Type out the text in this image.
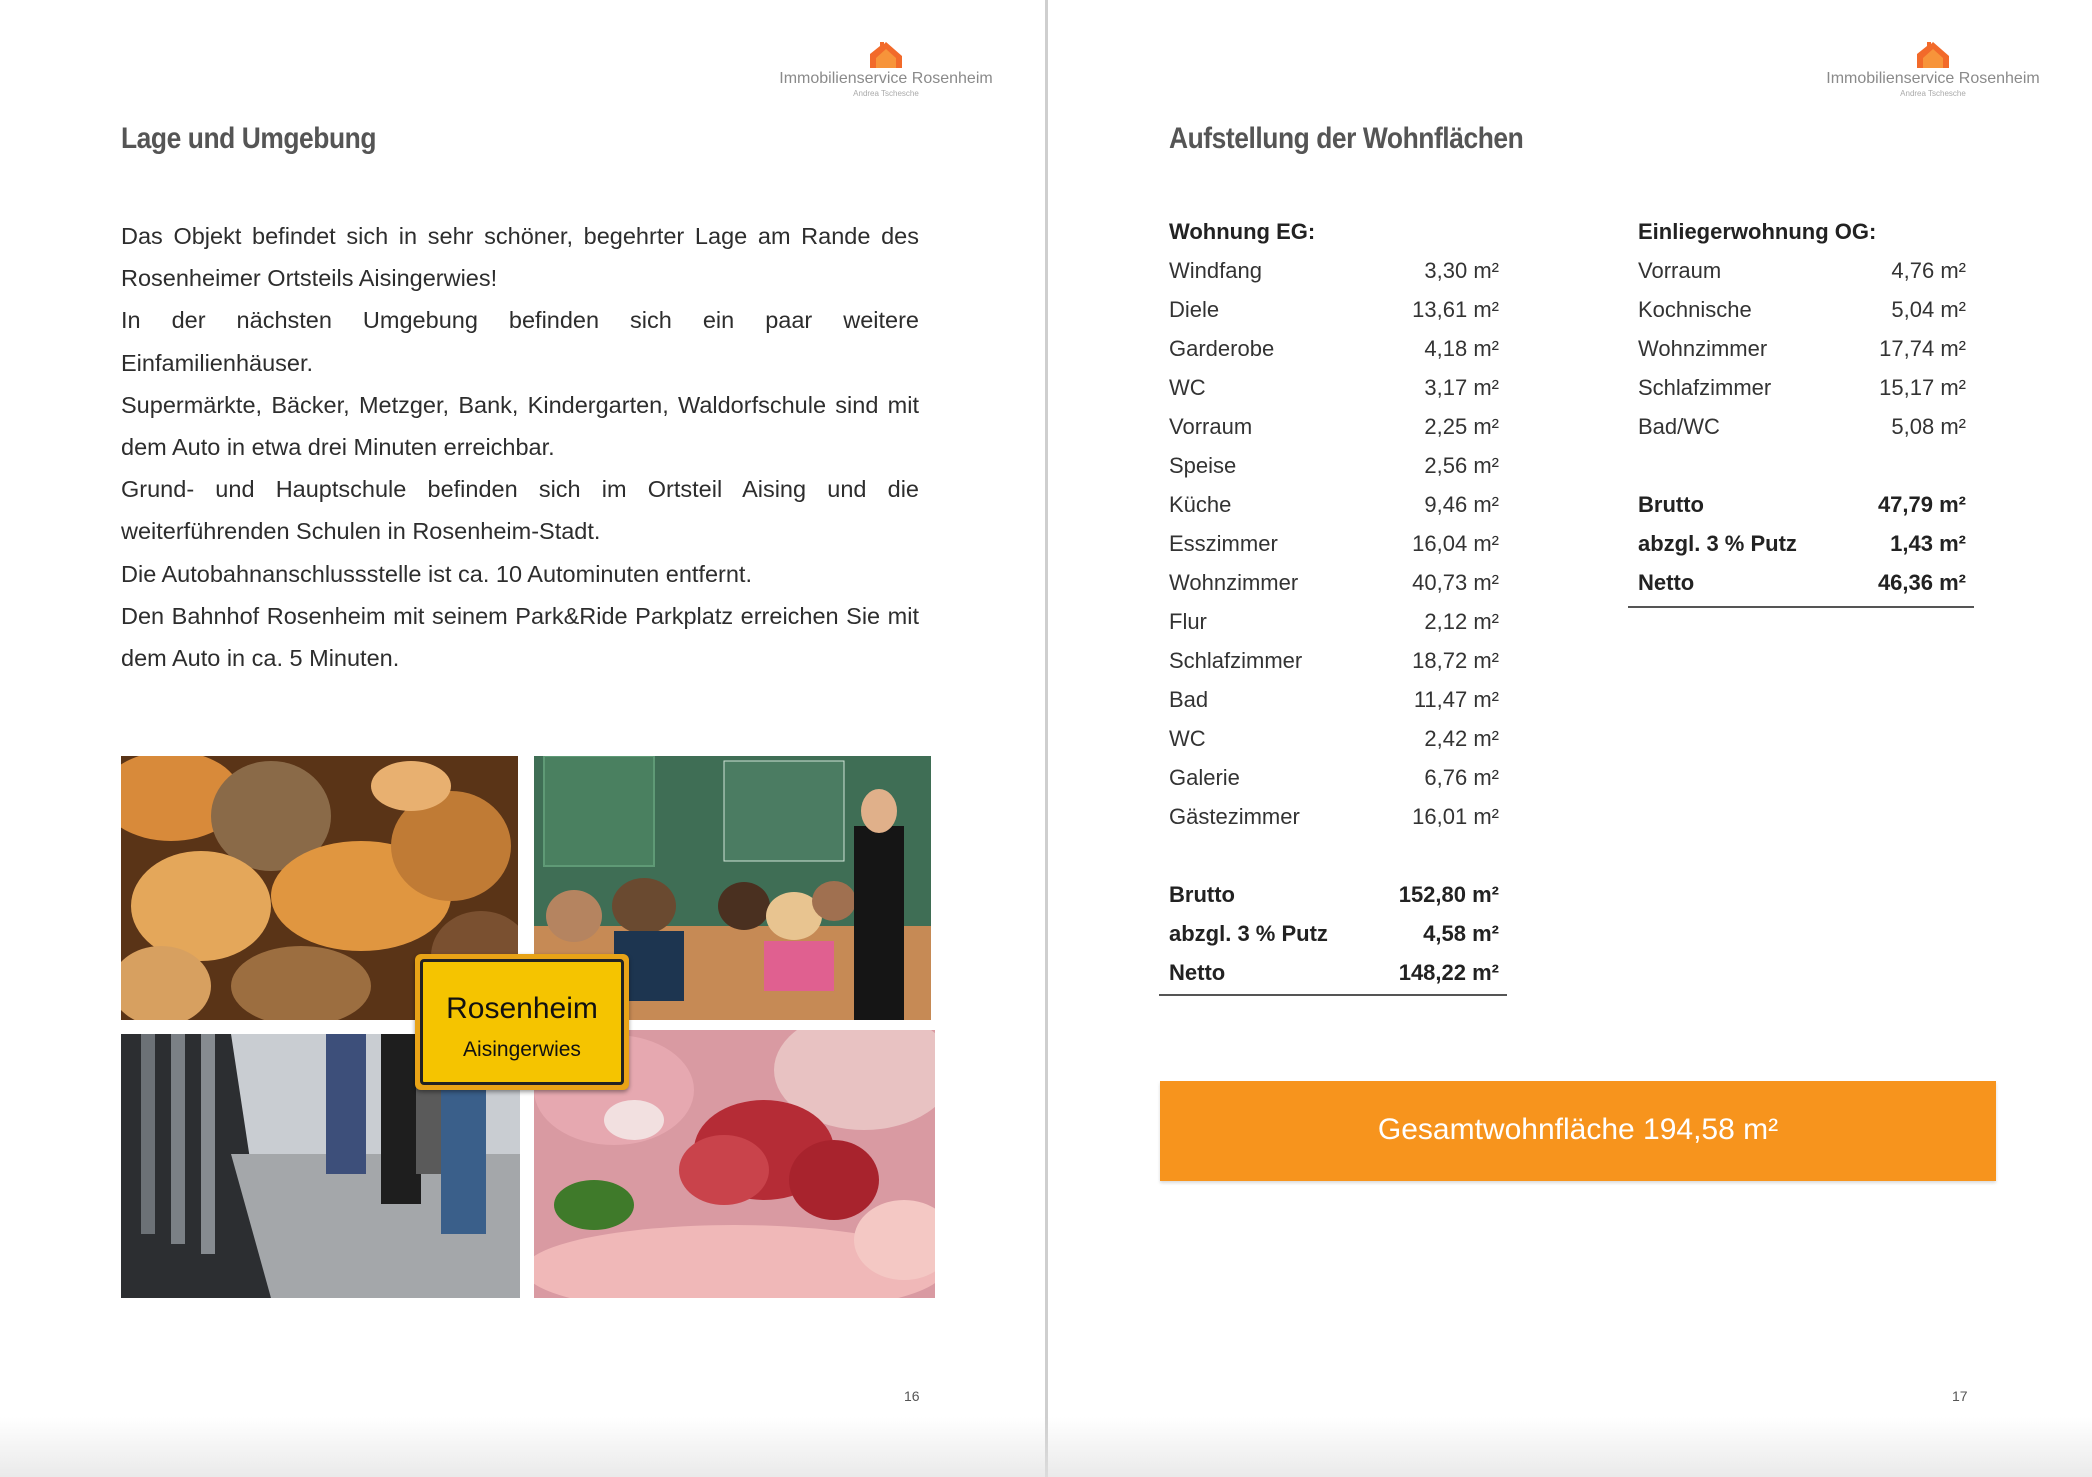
Immobilienservice Rosenheim
Andrea Tschesche
Lage und Umgebung

Das Objekt befindet sich in sehr schöner, begehrter Lage am Rande des Rosenheimer Ortsteils Aisingerwies!

In der nächsten Umgebung befinden sich ein paar weitere Einfamilienhäuser.

Supermärkte, Bäcker, Metzger, Bank, Kindergarten, Waldorfschule sind mit dem Auto in etwa drei Minuten erreichbar.

Grund- und Hauptschule befinden sich im Ortsteil Aising und die weiterführenden Schulen in Rosenheim-Stadt.

Die Autobahnanschlussstelle ist ca. 10 Autominuten entfernt.

Den Bahnhof Rosenheim mit seinem Park&Ride Parkplatz erreichen Sie mit dem Auto in ca. 5 Minuten.

Rosenheim
Aisingerwies
16
Immobilienservice Rosenheim
Andrea Tschesche
Aufstellung der Wohnflächen
17
Wohnung EG:
Windfang	3,30 m²
Diele	13,61 m²
Garderobe	4,18 m²
WC	3,17 m²
Vorraum	2,25 m²
Speise	2,56 m²
Küche	9,46 m²
Esszimmer	16,04 m²
Wohnzimmer	40,73 m²
Flur	2,12 m²
Schlafzimmer	18,72 m²
Bad	11,47 m²
WC	2,42 m²
Galerie	6,76 m²
Gästezimmer	16,01 m²
Brutto	152,80 m²
abzgl. 3 % Putz	4,58 m²
Netto	148,22 m²
Einliegerwohnung OG:
Vorraum	4,76 m²
Kochnische	5,04 m²
Wohnzimmer	17,74 m²
Schlafzimmer	15,17 m²
Bad/WC	5,08 m²
Brutto	47,79 m²
abzgl. 3 % Putz	1,43 m²
Netto	46,36 m²
Gesamtwohnfläche 194,58 m²
